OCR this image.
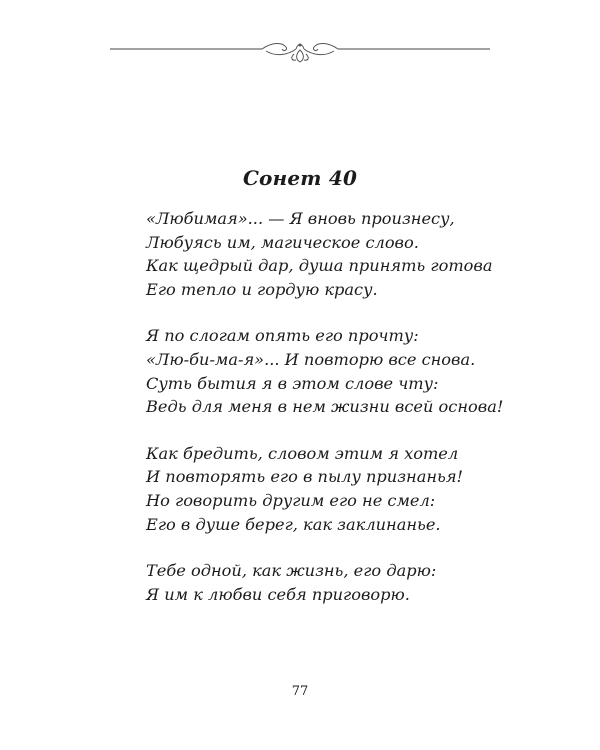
Сонет 40
«Любимая»... — Я вновь произнесу,
Любуясь им, магическое слово.
Как щедрый дар, душа принять готова
Его тепло и гордую красу.
Я по слогам опять его прочту:
«Лю-би-ма-я»... И повторю все снова.
Суть бытия я в этом слове чту:
Ведь для меня в нем жизни всей основа!
Как бредить, словом этим я хотел
И повторять его в пылу признанья!
Но говорить другим его не смел:
Его в душе берег, как заклинанье.
Тебе одной, как жизнь, его дарю:
Я им к любви себя приговорю.
77
